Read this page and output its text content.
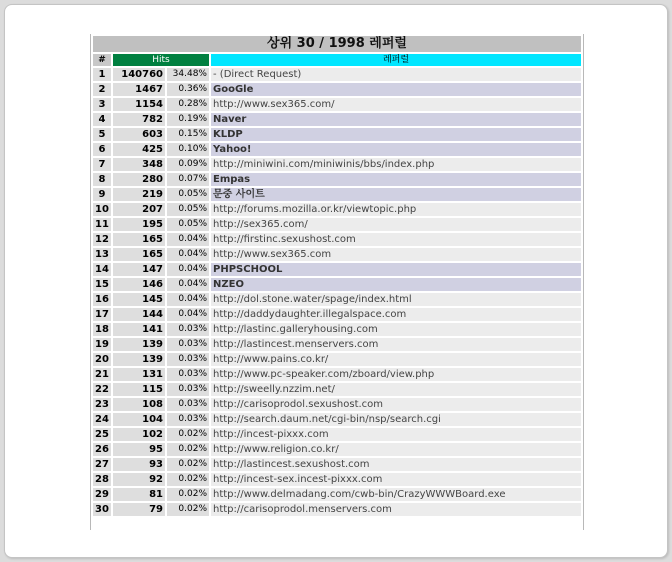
상위 30 / 1998 레퍼럴			
#	Hits		레퍼럴
1	140760	34.48%	- (Direct Request)
2	1467	0.36%	GooGle
3	1154	0.28%	http://www.sex365.com/
4	782	0.19%	Naver
5	603	0.15%	KLDP
6	425	0.10%	Yahoo!
7	348	0.09%	http://miniwini.com/miniwinis/bbs/index.php
8	280	0.07%	Empas
9	219	0.05%	문중 사이트
10	207	0.05%	http://forums.mozilla.or.kr/viewtopic.php
11	195	0.05%	http://sex365.com/
12	165	0.04%	http://firstinc.sexushost.com
13	165	0.04%	http://www.sex365.com
14	147	0.04%	PHPSCHOOL
15	146	0.04%	NZEO
16	145	0.04%	http://dol.stone.water/spage/index.html
17	144	0.04%	http://daddydaughter.illegalspace.com
18	141	0.03%	http://lastinc.galleryhousing.com
19	139	0.03%	http://lastincest.menservers.com
20	139	0.03%	http://www.pains.co.kr/
21	131	0.03%	http://www.pc-speaker.com/zboard/view.php
22	115	0.03%	http://sweelly.nzzim.net/
23	108	0.03%	http://carisoprodol.sexushost.com
24	104	0.03%	http://search.daum.net/cgi-bin/nsp/search.cgi
25	102	0.02%	http://incest-pixxx.com
26	95	0.02%	http://www.religion.co.kr/
27	93	0.02%	http://lastincest.sexushost.com
28	92	0.02%	http://incest-sex.incest-pixxx.com
29	81	0.02%	http://www.delmadang.com/cwb-bin/CrazyWWWBoard.exe
30	79	0.02%	http://carisoprodol.menservers.com
